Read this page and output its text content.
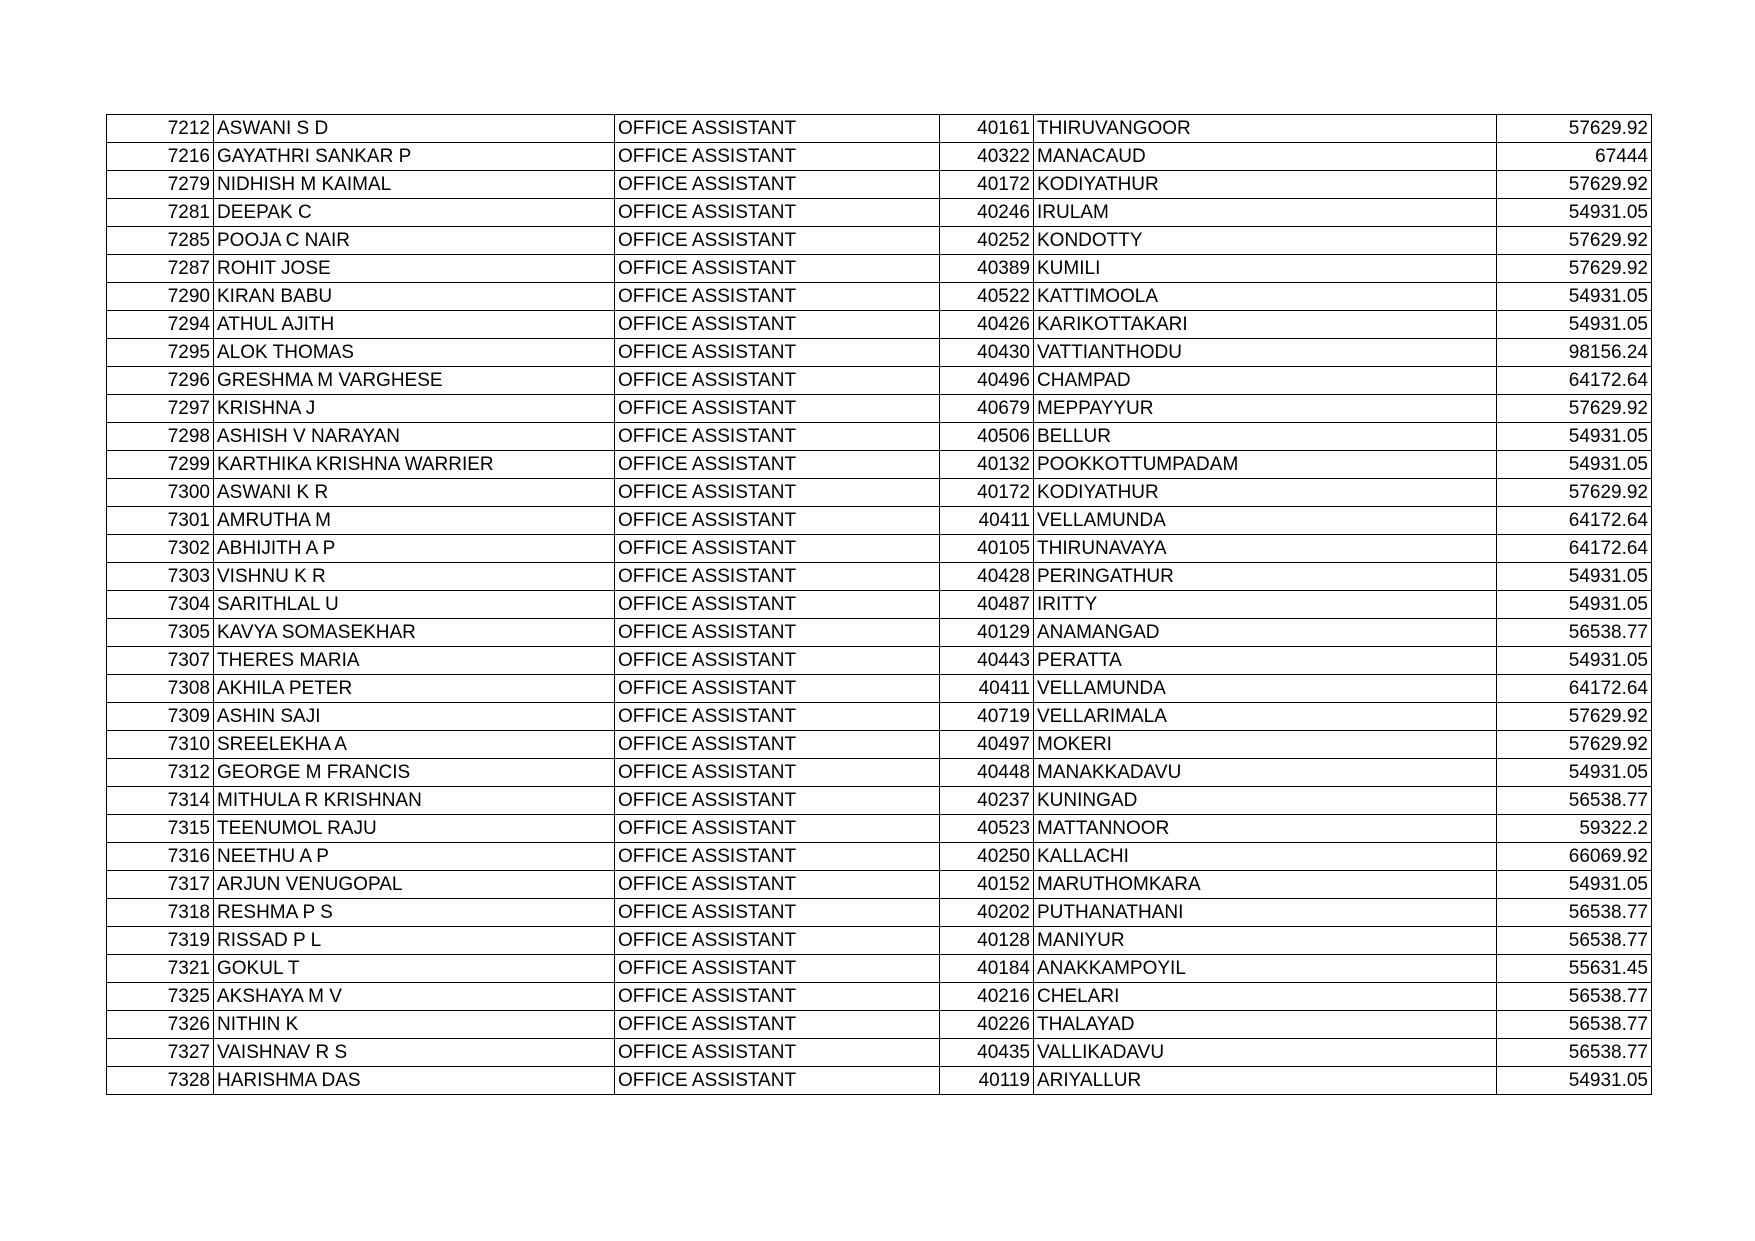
7212	ASWANI S D	OFFICE ASSISTANT	40161	THIRUVANGOOR	57629.92
7216	GAYATHRI SANKAR P	OFFICE ASSISTANT	40322	MANACAUD	67444
7279	NIDHISH M KAIMAL	OFFICE ASSISTANT	40172	KODIYATHUR	57629.92
7281	DEEPAK C	OFFICE ASSISTANT	40246	IRULAM	54931.05
7285	POOJA C NAIR	OFFICE ASSISTANT	40252	KONDOTTY	57629.92
7287	ROHIT JOSE	OFFICE ASSISTANT	40389	KUMILI	57629.92
7290	KIRAN BABU	OFFICE ASSISTANT	40522	KATTIMOOLA	54931.05
7294	ATHUL AJITH	OFFICE ASSISTANT	40426	KARIKOTTAKARI	54931.05
7295	ALOK THOMAS	OFFICE ASSISTANT	40430	VATTIANTHODU	98156.24
7296	GRESHMA M VARGHESE	OFFICE ASSISTANT	40496	CHAMPAD	64172.64
7297	KRISHNA J	OFFICE ASSISTANT	40679	MEPPAYYUR	57629.92
7298	ASHISH V NARAYAN	OFFICE ASSISTANT	40506	BELLUR	54931.05
7299	KARTHIKA KRISHNA WARRIER	OFFICE ASSISTANT	40132	POOKKOTTUMPADAM	54931.05
7300	ASWANI K R	OFFICE ASSISTANT	40172	KODIYATHUR	57629.92
7301	AMRUTHA M	OFFICE ASSISTANT	40411	VELLAMUNDA	64172.64
7302	ABHIJITH A P	OFFICE ASSISTANT	40105	THIRUNAVAYA	64172.64
7303	VISHNU K R	OFFICE ASSISTANT	40428	PERINGATHUR	54931.05
7304	SARITHLAL U	OFFICE ASSISTANT	40487	IRITTY	54931.05
7305	KAVYA SOMASEKHAR	OFFICE ASSISTANT	40129	ANAMANGAD	56538.77
7307	THERES MARIA	OFFICE ASSISTANT	40443	PERATTA	54931.05
7308	AKHILA PETER	OFFICE ASSISTANT	40411	VELLAMUNDA	64172.64
7309	ASHIN SAJI	OFFICE ASSISTANT	40719	VELLARIMALA	57629.92
7310	SREELEKHA A	OFFICE ASSISTANT	40497	MOKERI	57629.92
7312	GEORGE M FRANCIS	OFFICE ASSISTANT	40448	MANAKKADAVU	54931.05
7314	MITHULA R KRISHNAN	OFFICE ASSISTANT	40237	KUNINGAD	56538.77
7315	TEENUMOL RAJU	OFFICE ASSISTANT	40523	MATTANNOOR	59322.2
7316	NEETHU A P	OFFICE ASSISTANT	40250	KALLACHI	66069.92
7317	ARJUN VENUGOPAL	OFFICE ASSISTANT	40152	MARUTHOMKARA	54931.05
7318	RESHMA P S	OFFICE ASSISTANT	40202	PUTHANATHANI	56538.77
7319	RISSAD P L	OFFICE ASSISTANT	40128	MANIYUR	56538.77
7321	GOKUL T	OFFICE ASSISTANT	40184	ANAKKAMPOYIL	55631.45
7325	AKSHAYA M V	OFFICE ASSISTANT	40216	CHELARI	56538.77
7326	NITHIN K	OFFICE ASSISTANT	40226	THALAYAD	56538.77
7327	VAISHNAV R S	OFFICE ASSISTANT	40435	VALLIKADAVU	56538.77
7328	HARISHMA DAS	OFFICE ASSISTANT	40119	ARIYALLUR	54931.05
